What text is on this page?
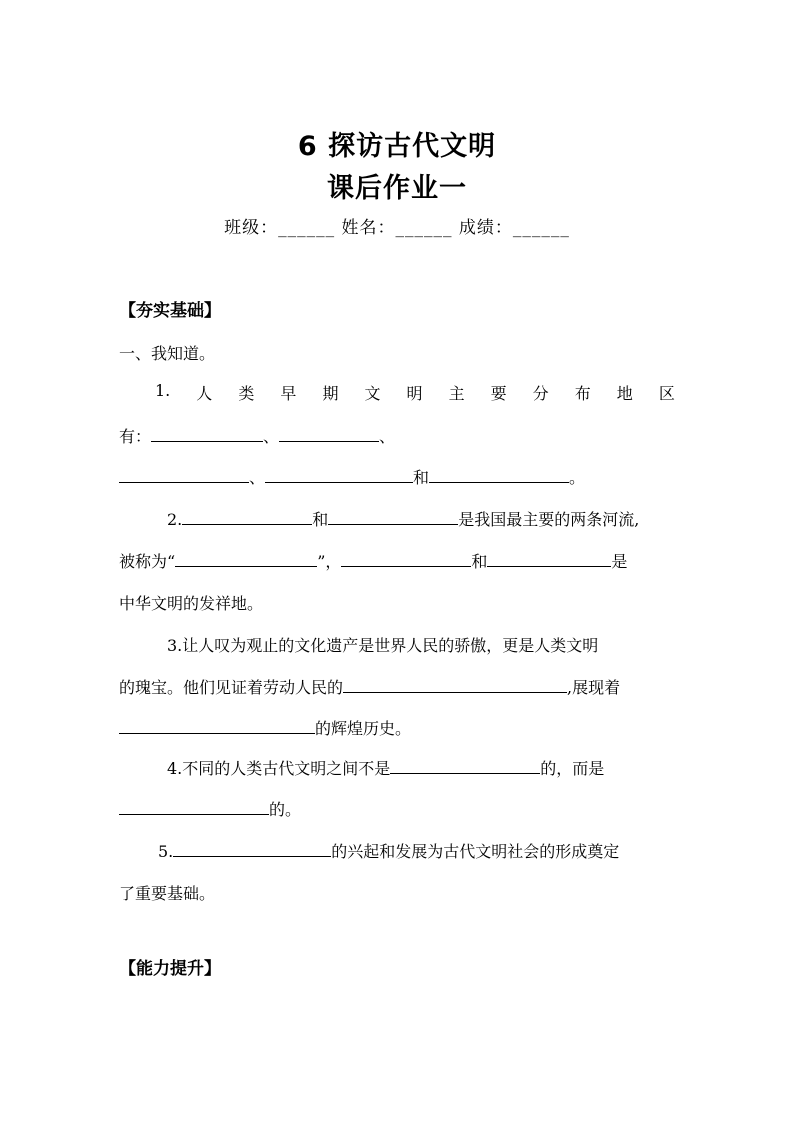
6 探访古代文明
课后作业一
班级：______ 姓名：______ 成绩：______
【夯实基础】
一、我知道。
1. 人 类 早 期 文 明 主 要 分 布 地 区
有：	、	、
、	和	。
2.	和	是我国最主要的两条河流,
被称为“	”，	和	是
中华文明的发祥地。
3.让人叹为观止的文化遗产是世界人民的骄傲，更是人类文明
的瑰宝。他们见证着劳动人民的	,展现着
的辉煌历史。
4.不同的人类古代文明之间不是	的，而是
的。
5.	的兴起和发展为古代文明社会的形成奠定
了重要基础。
【能力提升】
